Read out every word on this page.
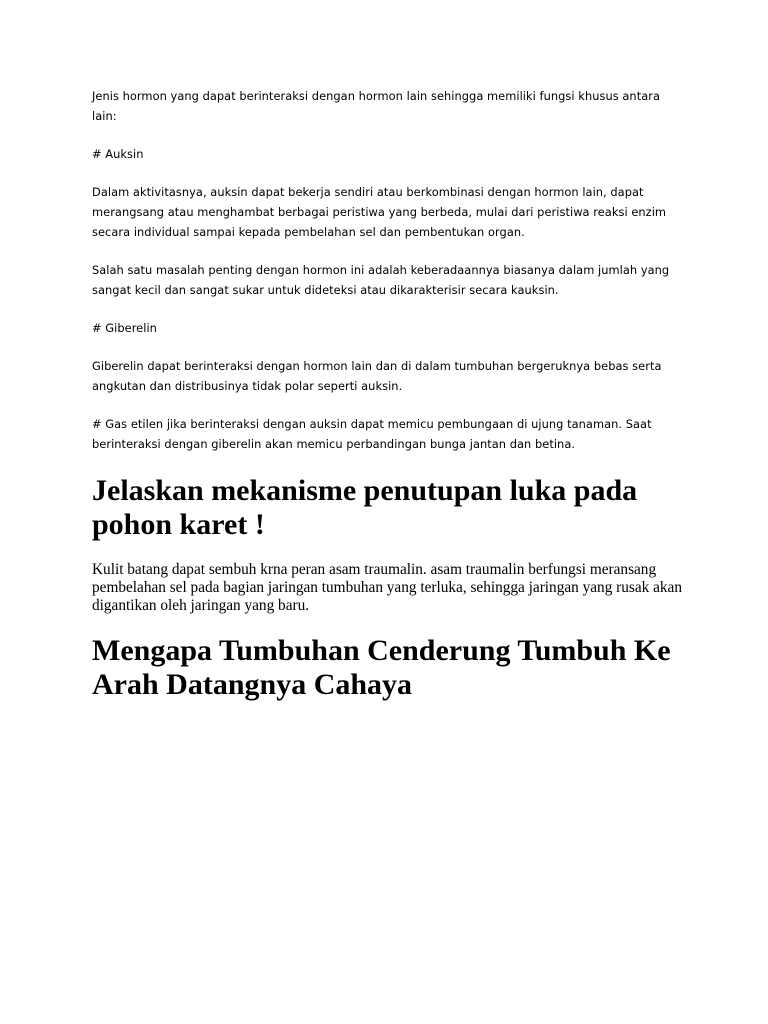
Jenis hormon yang dapat berinteraksi dengan hormon lain sehingga memiliki fungsi khusus antara lain:

# Auksin

Dalam aktivitasnya, auksin dapat bekerja sendiri atau berkombinasi dengan hormon lain, dapat merangsang atau menghambat berbagai peristiwa yang berbeda, mulai dari peristiwa reaksi enzim secara individual sampai kepada pembelahan sel dan pembentukan organ.

Salah satu masalah penting dengan hormon ini adalah keberadaannya biasanya dalam jumlah yang sangat kecil dan sangat sukar untuk dideteksi atau dikarakterisir secara kauksin.

# Giberelin

Giberelin dapat berinteraksi dengan hormon lain dan di dalam tumbuhan bergeruknya bebas serta angkutan dan distribusinya tidak polar seperti auksin.

# Gas etilen jika berinteraksi dengan auksin dapat memicu pembungaan di ujung tanaman. Saat berinteraksi dengan giberelin akan memicu perbandingan bunga jantan dan betina.

Jelaskan mekanisme penutupan luka pada pohon karet !

Kulit batang dapat sembuh krna peran asam traumalin. asam traumalin berfungsi meransang pembelahan sel pada bagian jaringan tumbuhan yang terluka, sehingga jaringan yang rusak akan digantikan oleh jaringan yang baru.

Mengapa Tumbuhan Cenderung Tumbuh Ke Arah Datangnya Cahaya
